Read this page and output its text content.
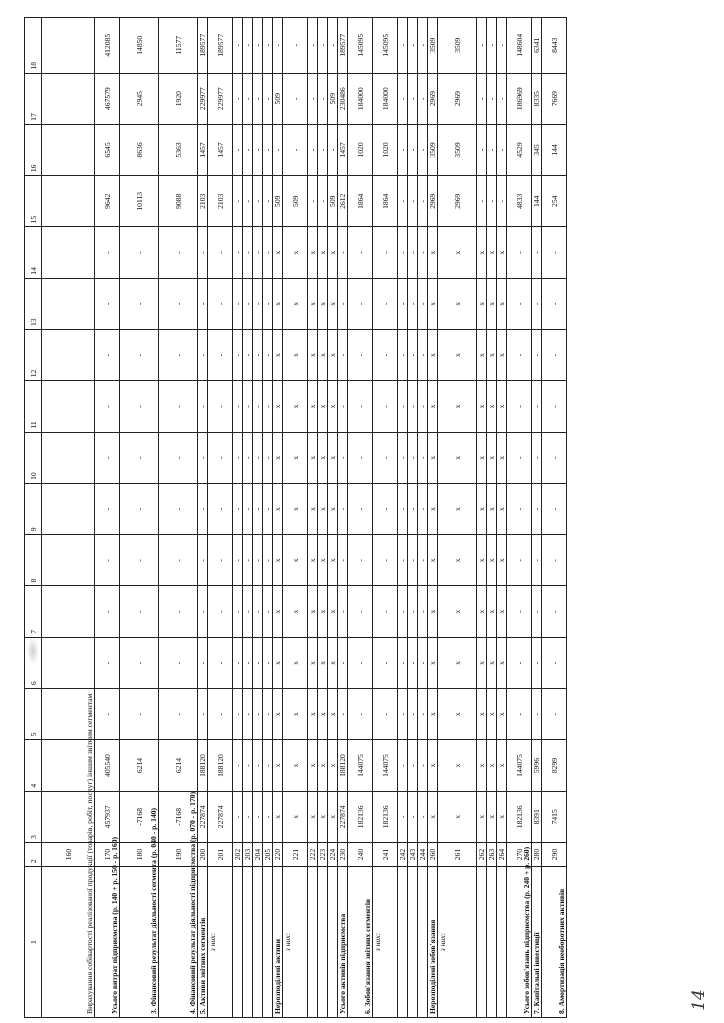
1	2	3	4	5	6	7	8	9	10	11	12	13	14	15	16	17	18
Вирахування собівартості реалізованої продукції (товарів, робіт, послуг) іншим звітним сегментам	160																
Усього витрат підприємства (р. 140 + р. 150 - р. 160)	170	457937	405540	-	-	-	-	-	-	-	-	-	-	9642	6545	467579	412085
3. Фінансовий результат діяльності сегмента (р. 040 - р. 140)	180	-7168	6214	-	-	-	-	-	-	-	-	-	-	10113	8636	2945	14850
4. Фінансовий результат діяльності підприємства (р. 070 - р. 170)	190	-7168	6214	-	-	-	-	-	-	-	-	-	-	9088	5363	1920	11577
5. Активи звітних сегментів	200	227874	188120	-	-	-	-	-	-	-	-	-	-	2103	1457	229977	189577
з них:	201	227874	188120	-	-	-	-	-	-	-	-	-	-	2103	1457	229977	189577
	202	-	-	-	-	-	-	-	-	-	-	-	-	-	-	-	-
	203	-	-	-	-	-	-	-	-	-	-	-	-	-	-	-	-
	204	-	-	-	-	-	-	-	-	-	-	-	-	-	-	-	-
	205	-	-	-	-	-	-	-	-	-	-	-	-	-	-	-	-
Нерозподілені активи	220	x	x	x	x	x	x	x	x	x	x	x	x	509	-	509	-
з них:	221	x	x	x	x	x	x	x	x	x	x	x	x	509	-	-	-
	222	x	x	x	x	x	x	x	x	x	x	x	x	-	-	-	-
	223	x	x	x	x	x	x	x	x	x	x	x	x	-	-	-	-
	224	x	x	x	x	x	x	x	x	x	x	x	x	509	-	509	-
Усього активів підприємства	230	227874	188120	-	-	-	-	-	-	-	-	-	-	2612	1457	230486	189577
6. Зобов'язання звітних сегментів	240	182136	144075	-	-	-	-	-	-	-	-	-	-	1864	1020	184000	145095
з них:	241	182136	144075	-	-	-	-	-	-	-	-	-	-	1864	1020	184000	145095
	242	-	-	-	-	-	-	-	-	-	-	-	-	-	-	-	-
	243	-	-	-	-	-	-	-	-	-	-	-	-	-	-	-	-
	244	-	-	-	-	-	-	-	-	-	-	-	-	-	-	-	-
Нерозподілені зобов'язання	260	x	x	x	x	x	x	x	x	x	x	x	x	2969	3509	2969	3509
з них:	261	x	x	x	x	x	x	x	x	x	x	x	x	2969	3509	2969	3509
	262	x	x	x	x	x	x	x	x	x	x	x	x	-	-	-	-
	263	x	x	x	x	x	x	x	x	x	x	x	x	-	-	-	-
	264	x	x	x	x	x	x	x	x	x	x	x	x	-	-	-	-
Усього зобов'язань підприємства (р. 240 + р. 260)	270	182136	144075	-	-	-	-	-	-	-	-	-	-	4833	4529	186969	148604
7. Капітальні інвестиції	280	8391	5996	-	-	-	-	-	-	-	-	-	-	144	345	8335	6341
8. Амортизація необоротних активів	290	7415	8299	-	-	-	-	-	-	-	-	-	-	254	144	7669	8443
14
